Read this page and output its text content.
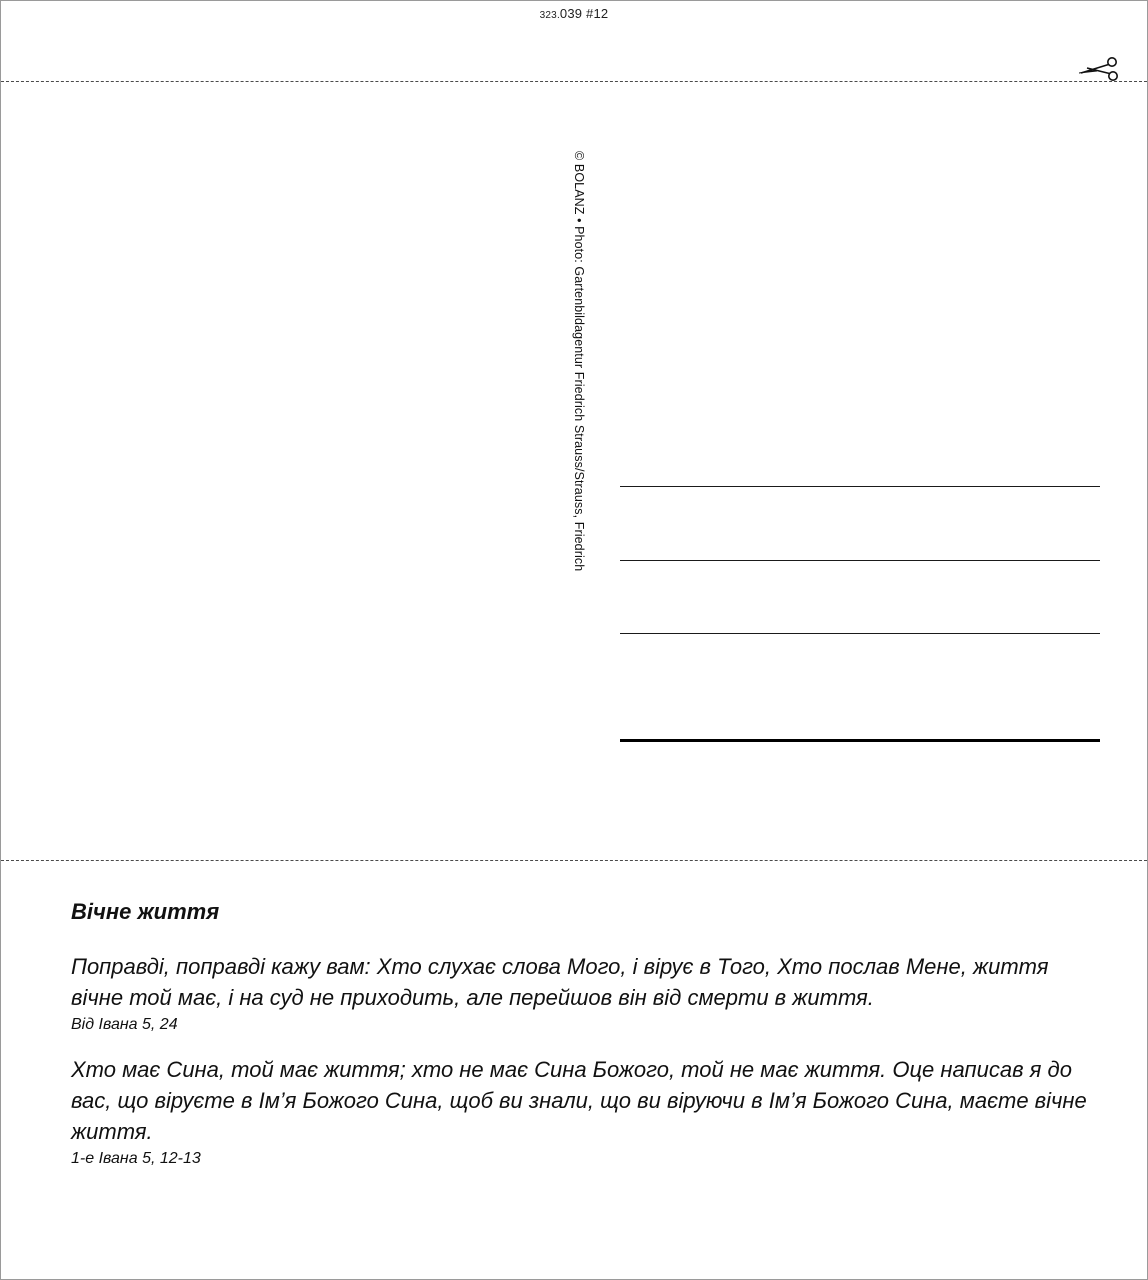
323.039 #12
© BOLANZ • Photo: Gartenbildagentur Friedrich Strauss/Strauss, Friedrich
Вічне життя

Поправді, поправді кажу вам: Хто слухає слова Мого, і вірує в Того, Хто послав Мене, життя вічне той має, і на суд не приходить, але перейшов він від смерти в життя.

Від Івана 5, 24

Хто має Сина, той має життя; хто не має Сина Божого, той не має життя. Оце написав я до вас, що віруєте в Ім’я Божого Сина, щоб ви знали, що ви віруючи в Ім’я Божого Сина, маєте вічне життя.

1-е Івана 5, 12-13
